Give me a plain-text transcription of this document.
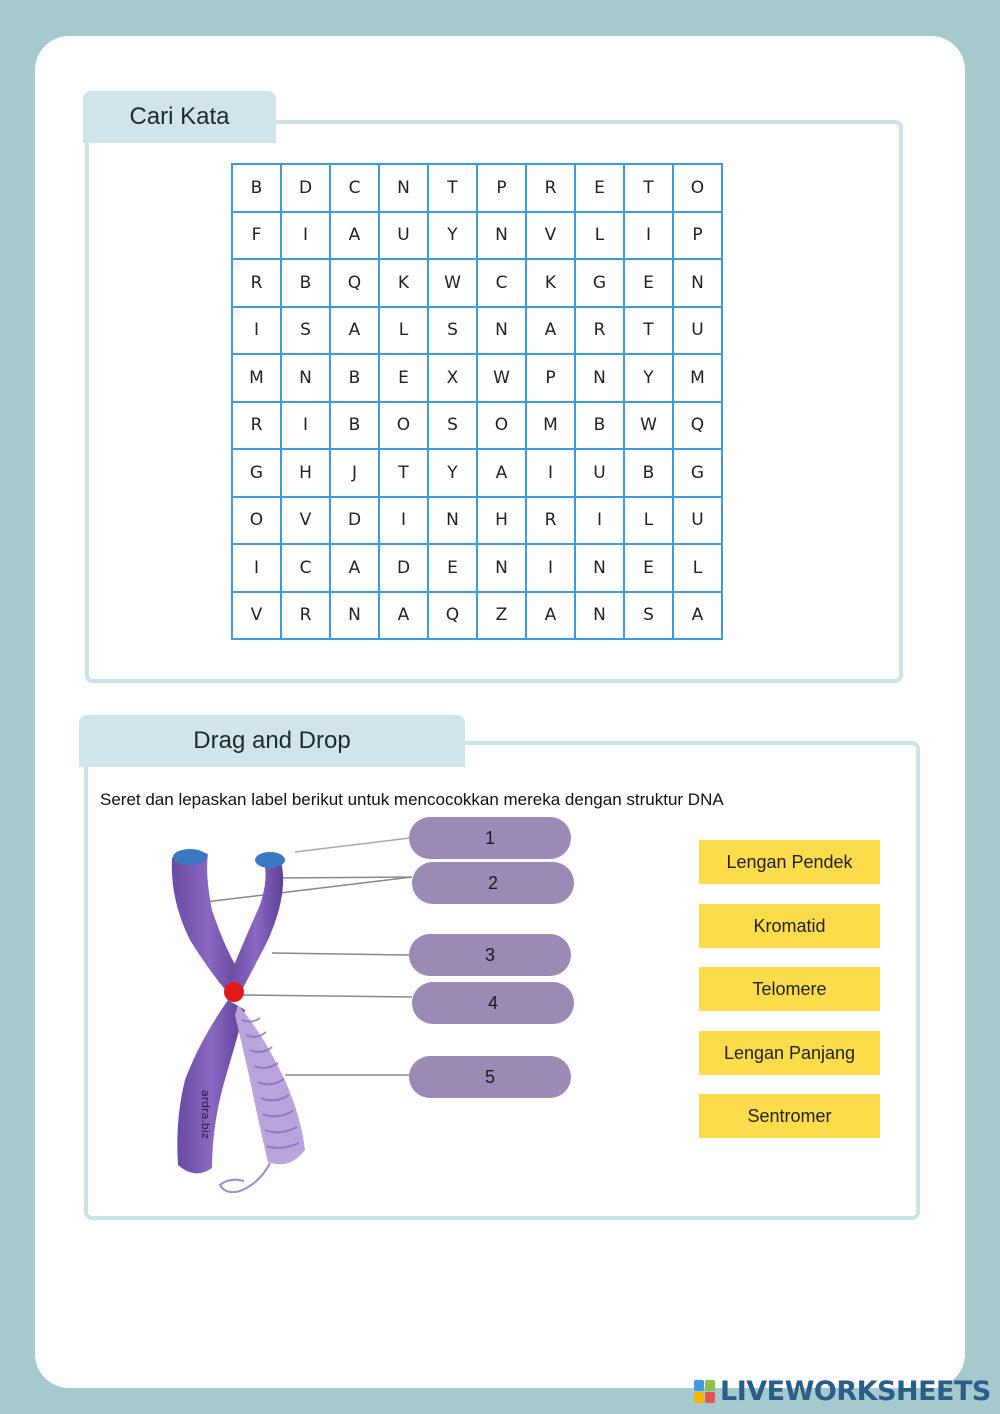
Cari Kata
B	D	C	N	T	P	R	E	T	O
F	I	A	U	Y	N	V	L	I	P
R	B	Q	K	W	C	K	G	E	N
I	S	A	L	S	N	A	R	T	U
M	N	B	E	X	W	P	N	Y	M
R	I	B	O	S	O	M	B	W	Q
G	H	J	T	Y	A	I	U	B	G
O	V	D	I	N	H	R	I	L	U
I	C	A	D	E	N	I	N	E	L
V	R	N	A	Q	Z	A	N	S	A
Drag and Drop
Seret dan lepaskan label berikut untuk mencocokkan mereka dengan struktur DNA
ardra.biz
1
2
3
4
5
Lengan Pendek
Kromatid
Telomere
Lengan Panjang
Sentromer
LIVEWORKSHEETS
